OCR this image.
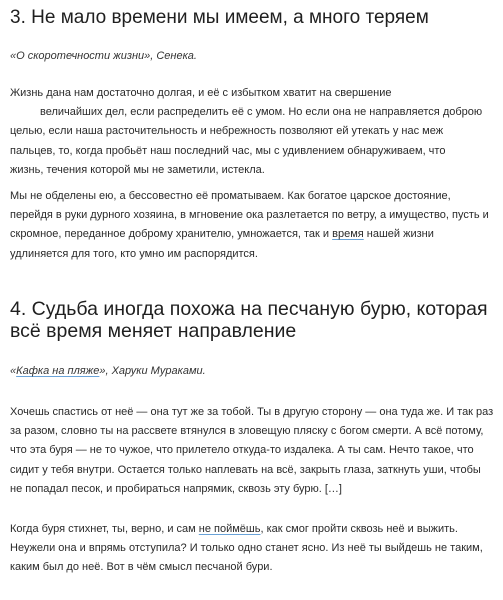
3. Не мало времени мы имеем, а много теряем
«О скоротечности жизни», Сенека.

Жизнь дана нам достаточно долгая, и её с избытком хватит на свершение
величайших дел, если распределить её с умом. Но если она не направляется доброю
целью, если наша расточительность и небрежность позволяют ей утекать у нас меж
пальцев, то, когда пробьёт наш последний час, мы с удивлением обнаруживаем, что
жизнь, течения которой мы не заметили, истекла.

Мы не обделены ею, а бессовестно её проматываем. Как богатое царское достояние, перейдя в руки дурного хозяина, в мгновение ока разлетается по ветру, а имущество, пусть и скромное, переданное доброму хранителю, умножается, так и время нашей жизни удлиняется для того, кто умно им распорядится.

4. Судьба иногда похожа на песчаную бурю, которая всё время меняет направление
«Кафка на пляже», Харуки Мураками.

Хочешь спастись от неё — она тут же за тобой. Ты в другую сторону — она туда же. И так раз за разом, словно ты на рассвете втянулся в зловещую пляску с богом смерти. А всё потому, что эта буря — не то чужое, что прилетело откуда-то издалека. А ты сам. Нечто такое, что сидит у тебя внутри. Остается только наплевать на всё, закрыть глаза, заткнуть уши, чтобы не попадал песок, и пробираться напрямик, сквозь эту бурю. […]

Когда буря стихнет, ты, верно, и сам не поймёшь, как смог пройти сквозь неё и выжить. Неужели она и впрямь отступила? И только одно станет ясно. Из неё ты выйдешь не таким, каким был до неё. Вот в чём смысл песчаной бури.
